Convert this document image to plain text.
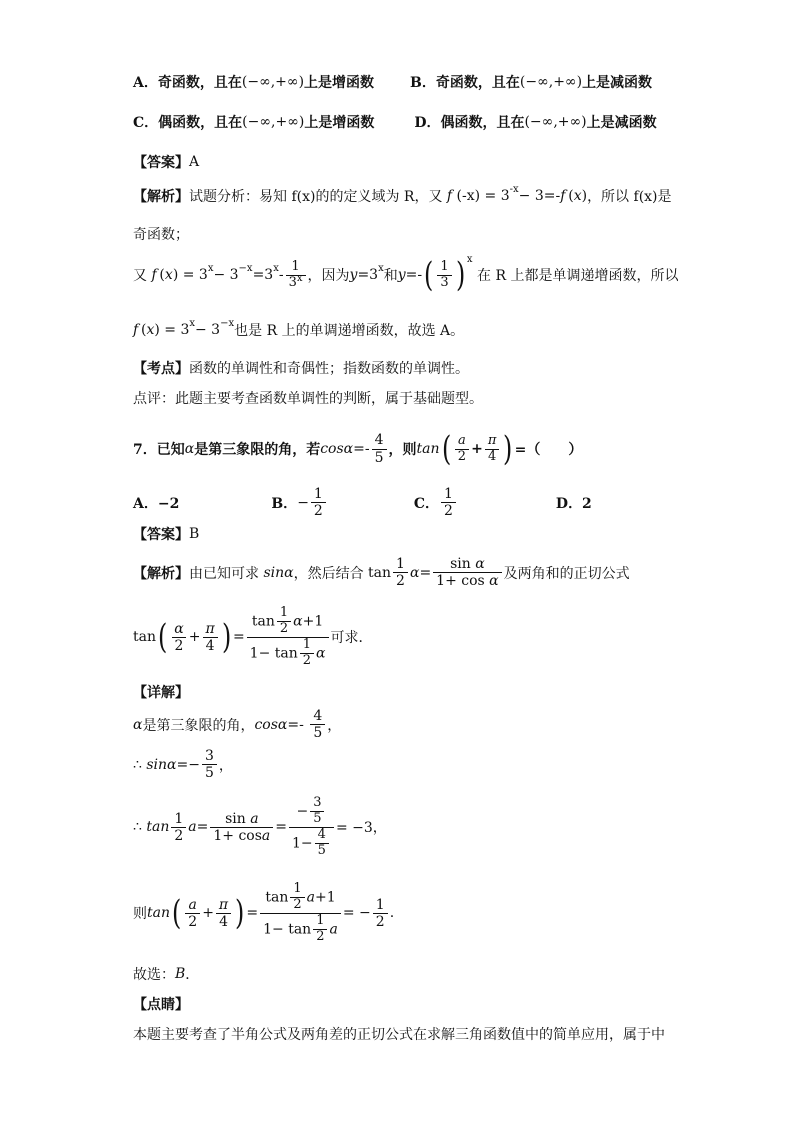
A．奇函数，且在 (−∞,+∞) 上是增函数	B．奇函数，且在 (−∞,+∞) 上是减函数
C．偶函数，且在 (−∞,+∞) 上是增函数	D．偶函数，且在 (−∞,+∞) 上是减函数
【答案】 A
【解析】 试题分析：易知 f(x)的的定义域为 R，又 f (-x) = 3 -x − 3=- f  ( x ) ，所以 f(x)是
奇函数；
又 f  ( x ) = 3 x − 3 −x =3 x - $\frac{1}{3^x}$ ，因为 y =3 x 和 y =- ( $\frac{1}{3}$ ) x

在 R 上都是单调递增函数，所以
f  ( x ) = 3 x − 3 −x 也是 R 上的单调递增函数，故选 A。
【考点】 函数的单调性和奇偶性；指数函数的单调性。
点评：此题主要考查函数单调性的判断，属于基础题型。
7．已知 α 是第三象限的角，若 $\cos\alpha =- \frac{4}{5}$ ，则 tan ( $\frac{a}{2} + \frac{\pi}{4}$ ) =（　　）
A．−2	B． − $\frac{1}{2}$	C． $\frac{1}{2}$	D．2
【答案】 B
【解析】 由已知可求 sinα ，然后结合 $\tan \frac{1}{2}$ $\alpha = \frac{\text{sin α}}{\text{1+ cos α}}$ 及两角和的正切公式
tan ( $\frac{\alpha}{2} + \frac{\pi}{4}$ ) = $\frac{\tan \frac{1}{2} \alpha+1}{1- \tan \frac{1}{2} \alpha}$ 可求．
【详解】
α 是第三象限的角， $\cos\alpha =- \frac{4}{5}$ ，
∴ $\sin\alpha =- \frac{3}{5}$ ，
∴ $\tan \frac{1}{2}$ $a = \frac{\text{sin a}}{1+ \cos a} = \frac{- \frac{3}{5}}{1- \frac{4}{5}} = -3$，
则 tan ( $\frac{a}{2} + \frac{\pi}{4}$ ) = $\frac{\tan \frac{1}{2} a+1}{1- \tan \frac{1}{2} a}$ = − $\frac{1}{2}$ .
故选： B ．
【点睛】
本题主要考查了半角公式及两角差的正切公式在求解三角函数值中的简单应用，属于中
